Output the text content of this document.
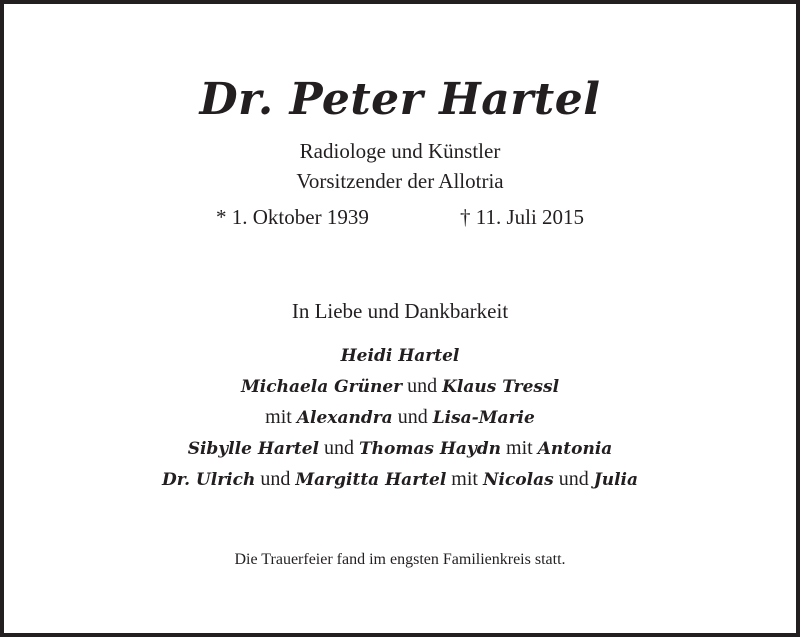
Dr. Peter Hartel
Radiologe und Künstler
Vorsitzender der Allotria
* 1. Oktober 1939	† 11. Juli 2015
In Liebe und Dankbarkeit
Heidi Hartel
Michaela Grüner und Klaus Tressl
mit Alexandra und Lisa-Marie
Sibylle Hartel und Thomas Haydn mit Antonia
Dr. Ulrich und Margitta Hartel mit Nicolas und Julia
Die Trauerfeier fand im engsten Familienkreis statt.
